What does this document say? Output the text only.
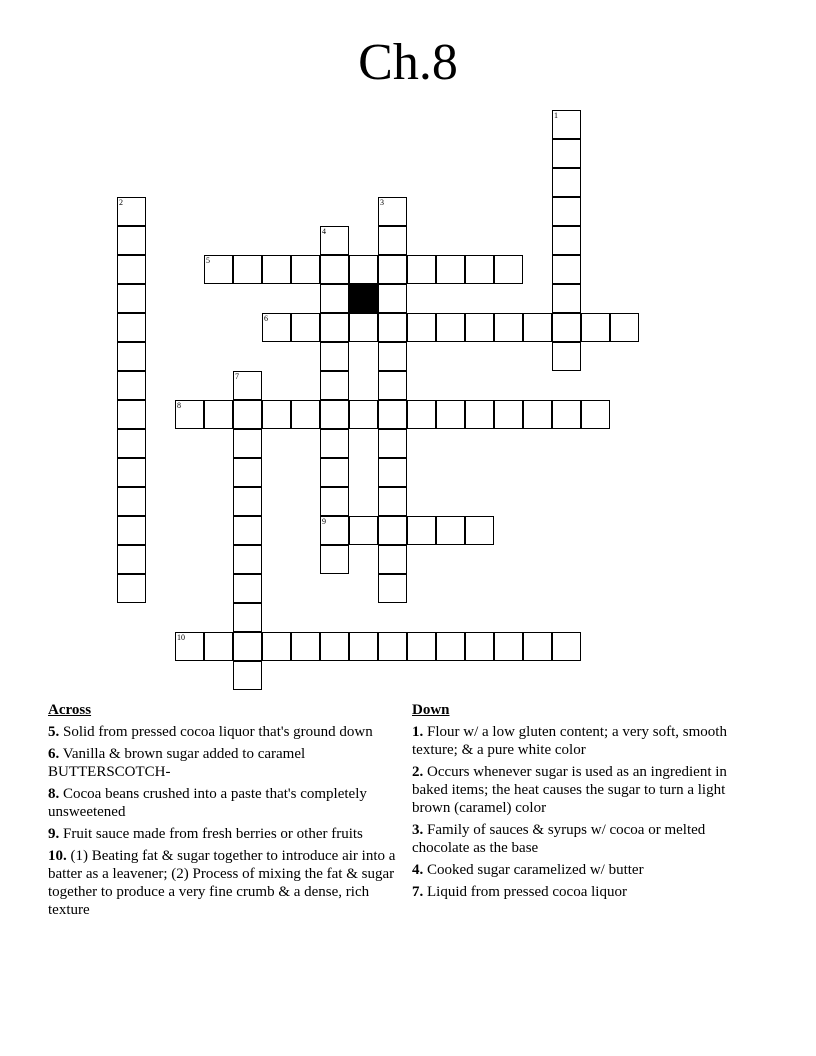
Ch.8
1
2	3
4
9
5
6
7
8
10
Across
5. Solid from pressed cocoa liquor that's ground down
6. Vanilla & brown sugar added to caramel BUTTERSCOTCH-
8. Cocoa beans crushed into a paste that's completely unsweetened
9. Fruit sauce made from fresh berries or other fruits
10. (1) Beating fat & sugar together to introduce air into a batter as a leavener; (2) Process of mixing the fat & sugar together to produce a very fine crumb & a dense, rich texture
Down
1. Flour w/ a low gluten content; a very soft, smooth texture; & a pure white color
2. Occurs whenever sugar is used as an ingredient in baked items; the heat causes the sugar to turn a light brown (caramel) color
3. Family of sauces & syrups w/ cocoa or melted chocolate as the base
4. Cooked sugar caramelized w/ butter
7. Liquid from pressed cocoa liquor
